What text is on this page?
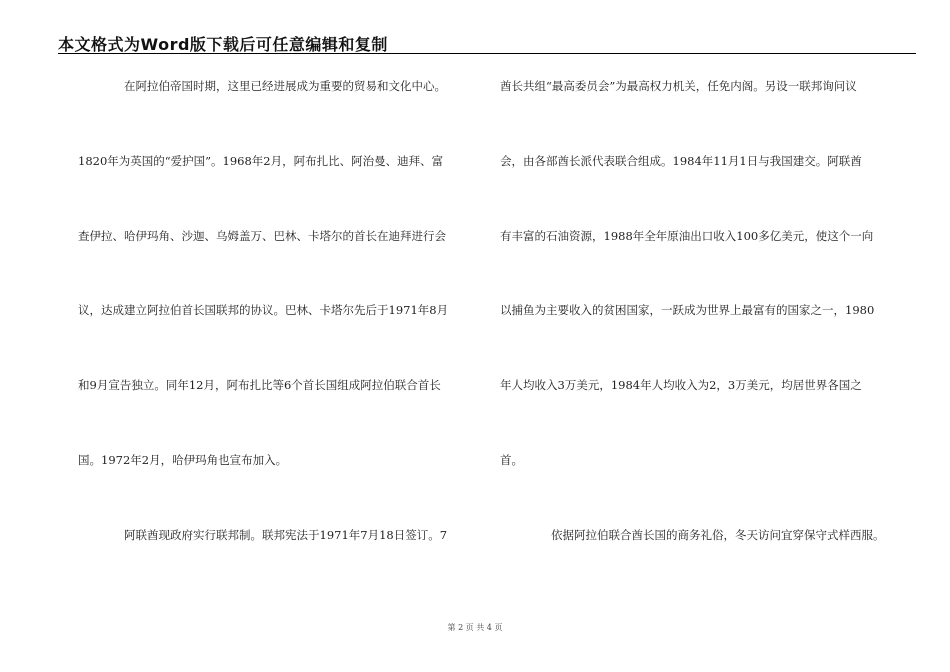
本文格式为Word版下载后可任意编辑和复制
在阿拉伯帝国时期，这里已经进展成为重要的贸易和文化中心。
1820年为英国的“爱护国”。1968年2月，阿布扎比、阿治曼、迪拜、富
查伊拉、哈伊玛角、沙迦、乌姆盖万、巴林、卡塔尔的首长在迪拜进行会
议，达成建立阿拉伯首长国联邦的协议。巴林、卡塔尔先后于1971年8月
和9月宣告独立。同年12月，阿布扎比等6个首长国组成阿拉伯联合首长
国。1972年2月，哈伊玛角也宣布加入。
阿联酋现政府实行联邦制。联邦宪法于1971年7月18日签订。7
酋长共组“最高委员会”为最高权力机关，任免内阁。另设一联邦询问议
会，由各部酋长派代表联合组成。1984年11月1日与我国建交。阿联酋
有丰富的石油资源，1988年全年原油出口收入100多亿美元，使这个一向
以捕鱼为主要收入的贫困国家，一跃成为世界上最富有的国家之一，1980
年人均收入3万美元，1984年人均收入为2，3万美元，均居世界各国之
首。
依据阿拉伯联合酋长国的商务礼俗，冬天访问宜穿保守式样西服。
第 2 页 共 4 页
